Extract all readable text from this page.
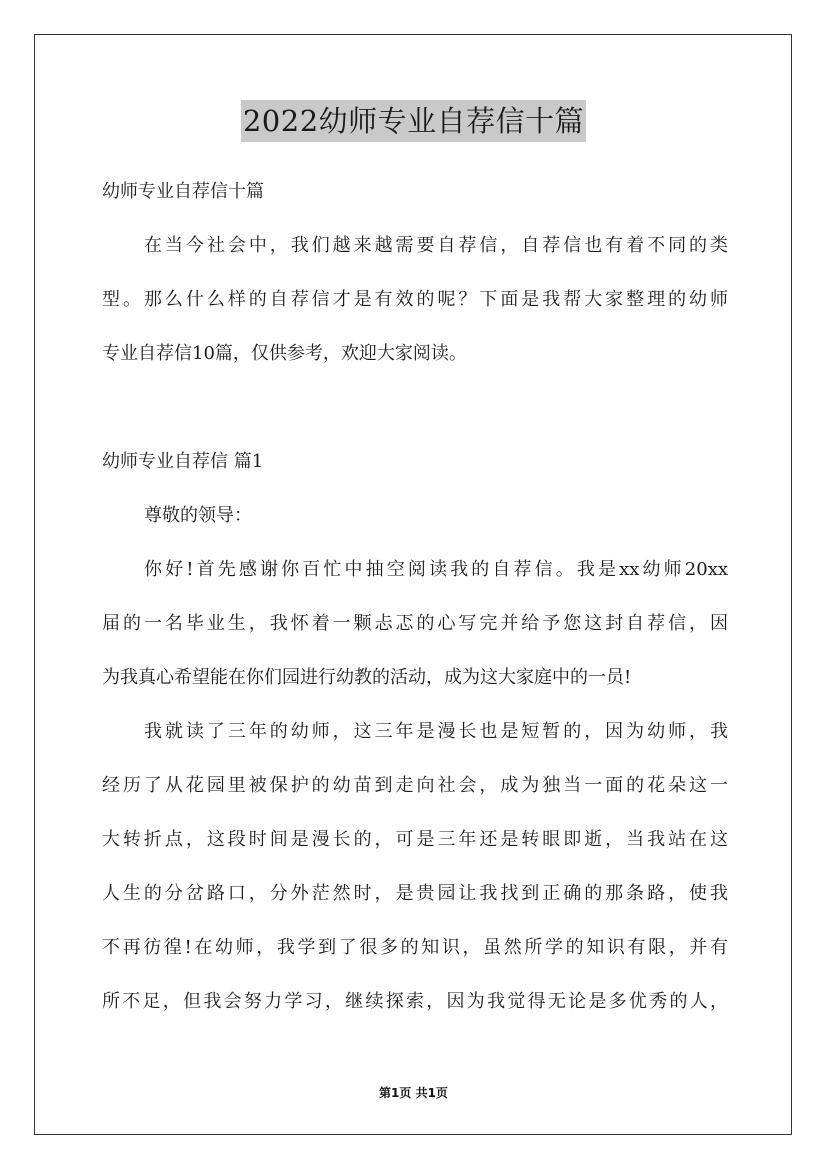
2022幼师专业自荐信十篇

幼师专业自荐信十篇

在当今社会中，我们越来越需要自荐信，自荐信也有着不同的类

型。那么什么样的自荐信才是有效的呢？下面是我帮大家整理的幼师

专业自荐信10篇，仅供参考，欢迎大家阅读。

幼师专业自荐信 篇1

尊敬的领导：

你好!首先感谢你百忙中抽空阅读我的自荐信。我是xx幼师20xx

届的一名毕业生，我怀着一颗忐忑的心写完并给予您这封自荐信，因

为我真心希望能在你们园进行幼教的活动，成为这大家庭中的一员!

我就读了三年的幼师，这三年是漫长也是短暂的，因为幼师，我

经历了从花园里被保护的幼苗到走向社会，成为独当一面的花朵这一

大转折点，这段时间是漫长的，可是三年还是转眼即逝，当我站在这

人生的分岔路口，分外茫然时，是贵园让我找到正确的那条路，使我

不再彷徨!在幼师，我学到了很多的知识，虽然所学的知识有限，并有

所不足，但我会努力学习，继续探索，因为我觉得无论是多优秀的人，

第1页 共1页
